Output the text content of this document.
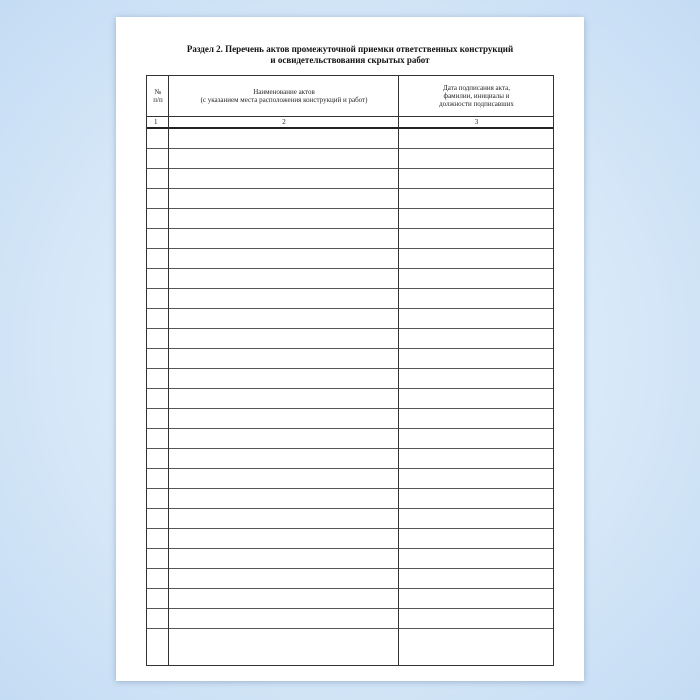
Раздел 2. Перечень актов промежуточной приемки ответственных конструкций
и освидетельствования скрытых работ
№
п/п
Наименование актов
(с указанием места расположения конструкций и работ)
Дата подписания акта,
фамилии, инициалы и
должности подписавших
1	2	3
